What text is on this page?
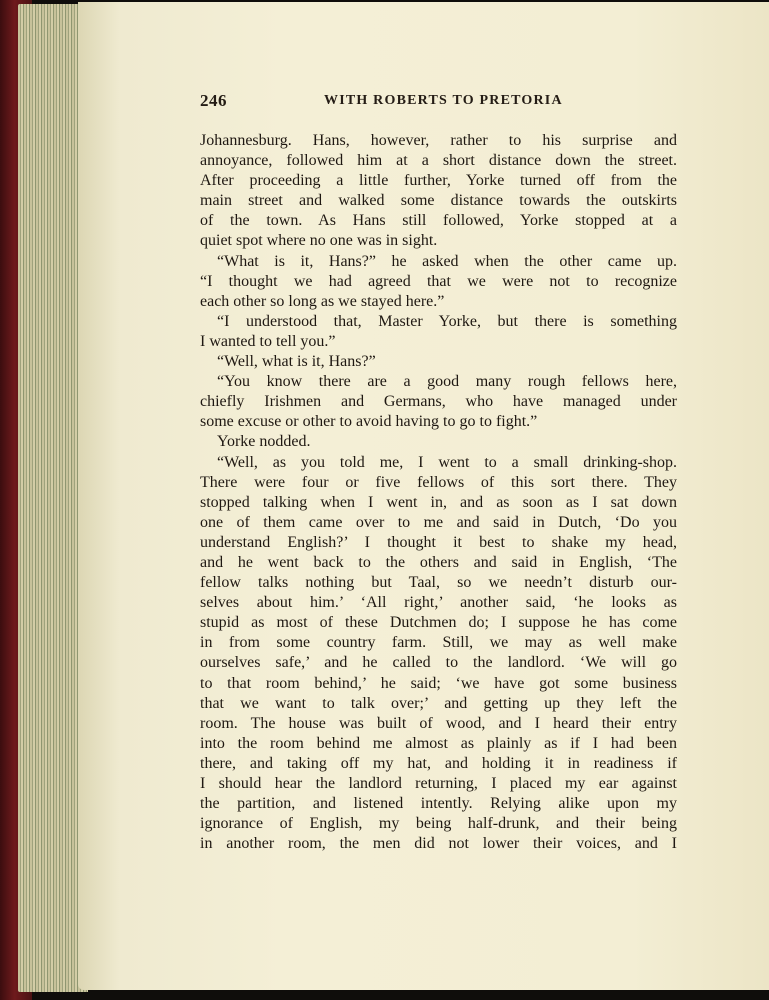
246	WITH ROBERTS TO PRETORIA
Johannesburg. Hans, however, rather to his surprise and
annoyance, followed him at a short distance down the street.
After proceeding a little further, Yorke turned off from the
main street and walked some distance towards the outskirts
of the town. As Hans still followed, Yorke stopped at a
quiet spot where no one was in sight.
“What is it, Hans?” he asked when the other came up.
“I thought we had agreed that we were not to recognize
each other so long as we stayed here.”
“I understood that, Master Yorke, but there is something
I wanted to tell you.”
“Well, what is it, Hans?”
“You know there are a good many rough fellows here,
chiefly Irishmen and Germans, who have managed under
some excuse or other to avoid having to go to fight.”
Yorke nodded.
“Well, as you told me, I went to a small drinking-shop.
There were four or five fellows of this sort there. They
stopped talking when I went in, and as soon as I sat down
one of them came over to me and said in Dutch, ‘Do you
understand English?’ I thought it best to shake my head,
and he went back to the others and said in English, ‘The
fellow talks nothing but Taal, so we needn’t disturb our-
selves about him.’ ‘All right,’ another said, ‘he looks as
stupid as most of these Dutchmen do; I suppose he has come
in from some country farm. Still, we may as well make
ourselves safe,’ and he called to the landlord. ‘We will go
to that room behind,’ he said; ‘we have got some business
that we want to talk over;’ and getting up they left the
room. The house was built of wood, and I heard their entry
into the room behind me almost as plainly as if I had been
there, and taking off my hat, and holding it in readiness if
I should hear the landlord returning, I placed my ear against
the partition, and listened intently. Relying alike upon my
ignorance of English, my being half-drunk, and their being
in another room, the men did not lower their voices, and I
